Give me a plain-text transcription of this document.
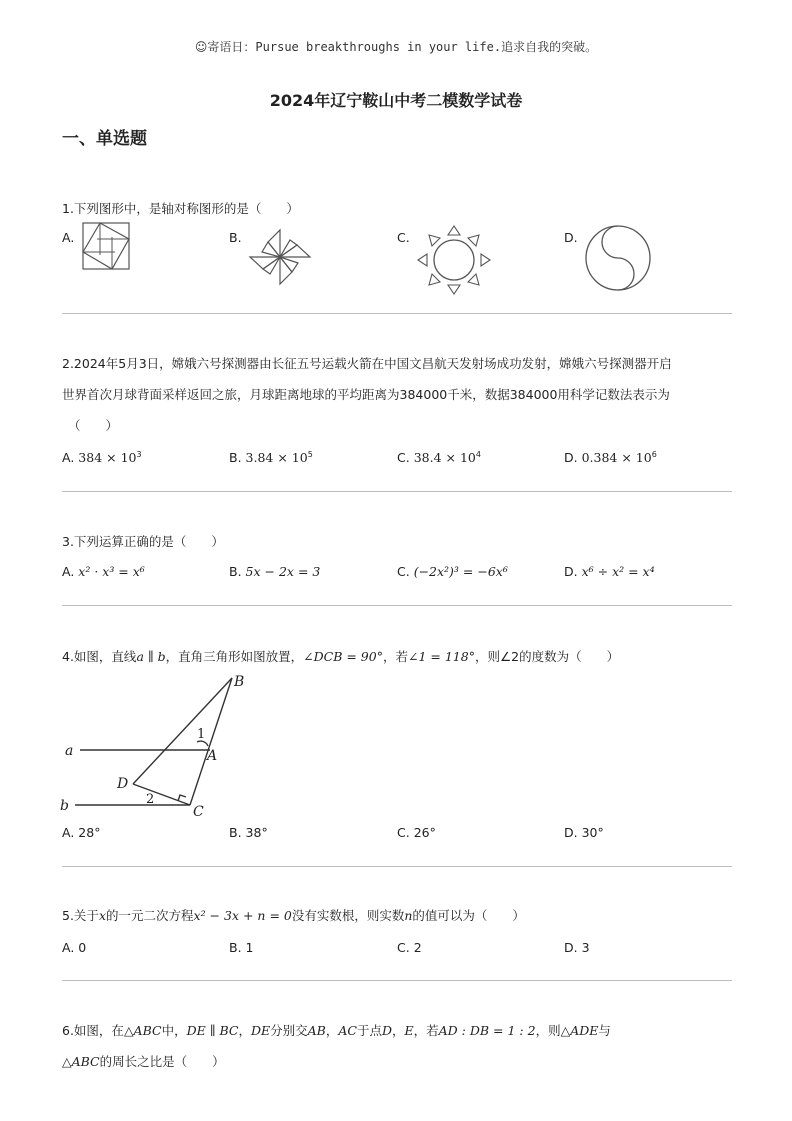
☺寄语日：Pursue breakthroughs in your life.追求自我的突破。
2024年辽宁鞍山中考二模数学试卷
一、单选题
1.下列图形中，是轴对称图形的是（　　）
A.	B.	C.	D.
2.2024年5月3日，嫦娥六号探测器由长征五号运载火箭在中国文昌航天发射场成功发射，嫦娥六号探测器开启
世界首次月球背面采样返回之旅，月球距离地球的平均距离为384000千米，数据384000用科学记数法表示为
（　　）
A. $384 \times 10^3$	B. $3.84 \times 10^5$	C. $38.4 \times 10^4$	D. $0.384 \times 10^6$
3.下列运算正确的是（　　）
A. x² · x³ = x⁶	B. 5x − 2x = 3	C. (−2x²)³ = −6x⁶	D. x⁶ ÷ x² = x⁴
4.如图，直线a ∥ b，直角三角形如图放置，∠DCB = 90°，若∠1 = 118°，则∠2的度数为（　　）
a
b
A
B
C
D
1
2
A. 28°	B. 38°	C. 26°	D. 30°
5.关于x的一元二次方程x² − 3x + n = 0没有实数根，则实数n的值可以为（　　）
A. 0	B. 1	C. 2	D. 3
6.如图，在△ABC中，DE ∥ BC，DE分别交AB，AC于点D，E，若AD : DB = 1 : 2，则△ADE与
△ABC的周长之比是（　　）
